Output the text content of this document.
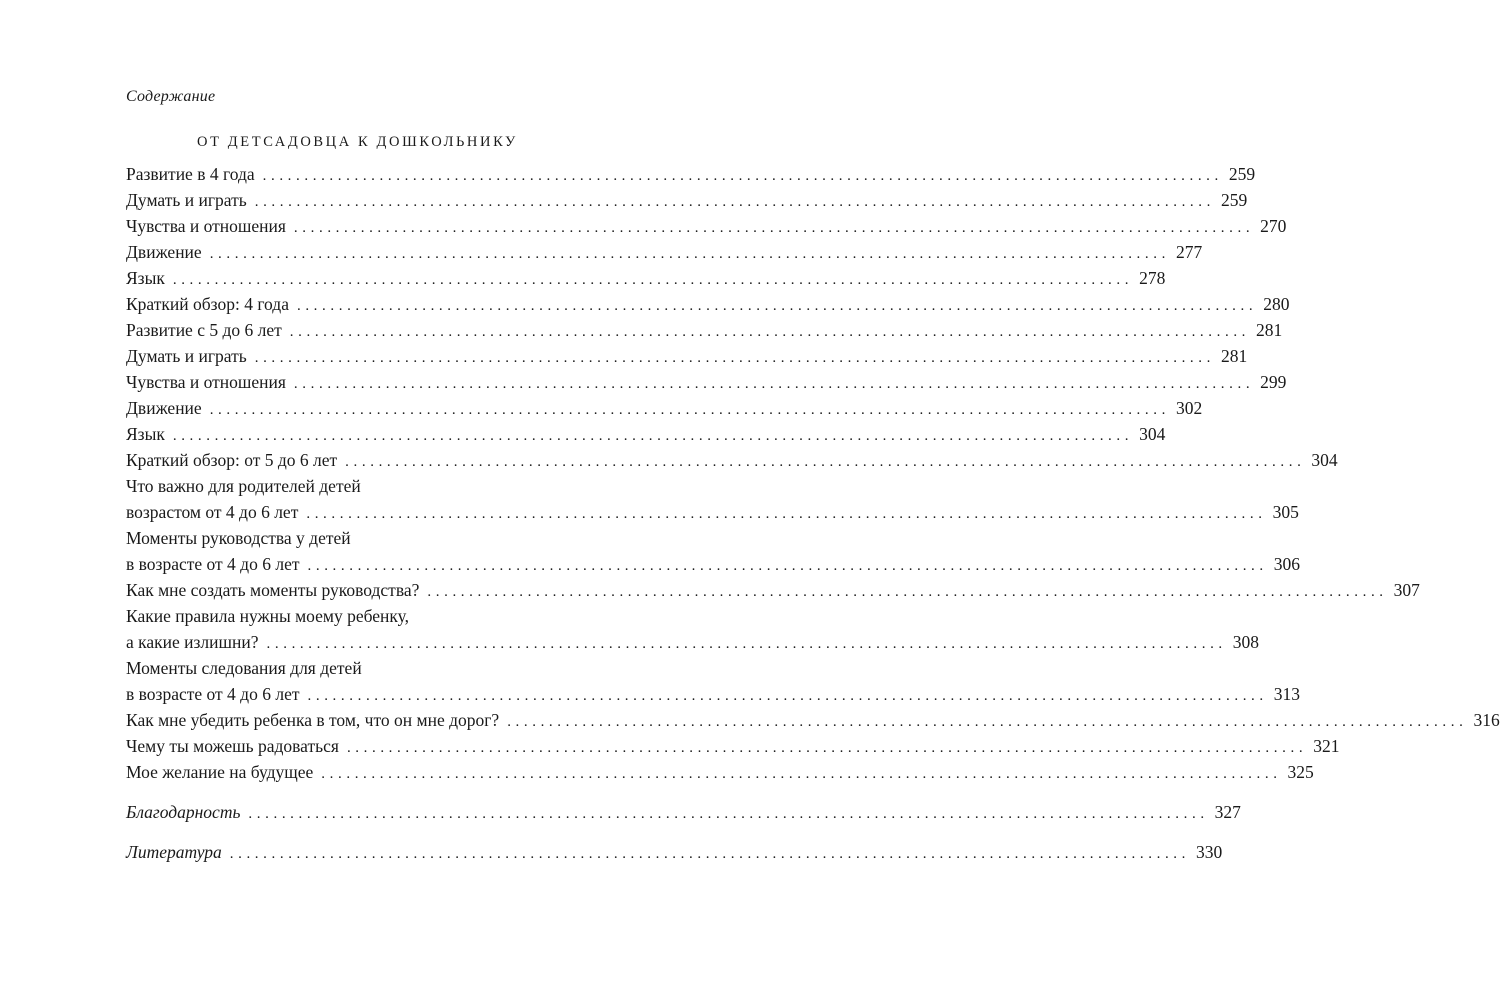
Содержание
ОТ ДЕТСАДОВЦА К ДОШКОЛЬНИКУ
Развитие в 4 года ................................................................................................................... 259
Думать и играть ................................................................................................................... 259
Чувства и отношения ................................................................................................................... 270
Движение ................................................................................................................... 277
Язык ................................................................................................................... 278
Краткий обзор: 4 года ................................................................................................................... 280
Развитие с 5 до 6 лет ................................................................................................................... 281
Думать и играть ................................................................................................................... 281
Чувства и отношения ................................................................................................................... 299
Движение ................................................................................................................... 302
Язык ................................................................................................................... 304
Краткий обзор: от 5 до 6 лет ................................................................................................................... 304
Что важно для родителей детей
возрастом от 4 до 6 лет ................................................................................................................... 305
Моменты руководства у детей
в возрасте от 4 до 6 лет ................................................................................................................... 306
Как мне создать моменты руководства? ................................................................................................................... 307
Какие правила нужны моему ребенку,
а какие излишни? ................................................................................................................... 308
Моменты следования для детей
в возрасте от 4 до 6 лет ................................................................................................................... 313
Как мне убедить ребенка в том, что он мне дорог? ................................................................................................................... 316
Чему ты можешь радоваться ................................................................................................................... 321
Мое желание на будущее ................................................................................................................... 325
Благодарность ................................................................................................................... 327
Литература ................................................................................................................... 330
